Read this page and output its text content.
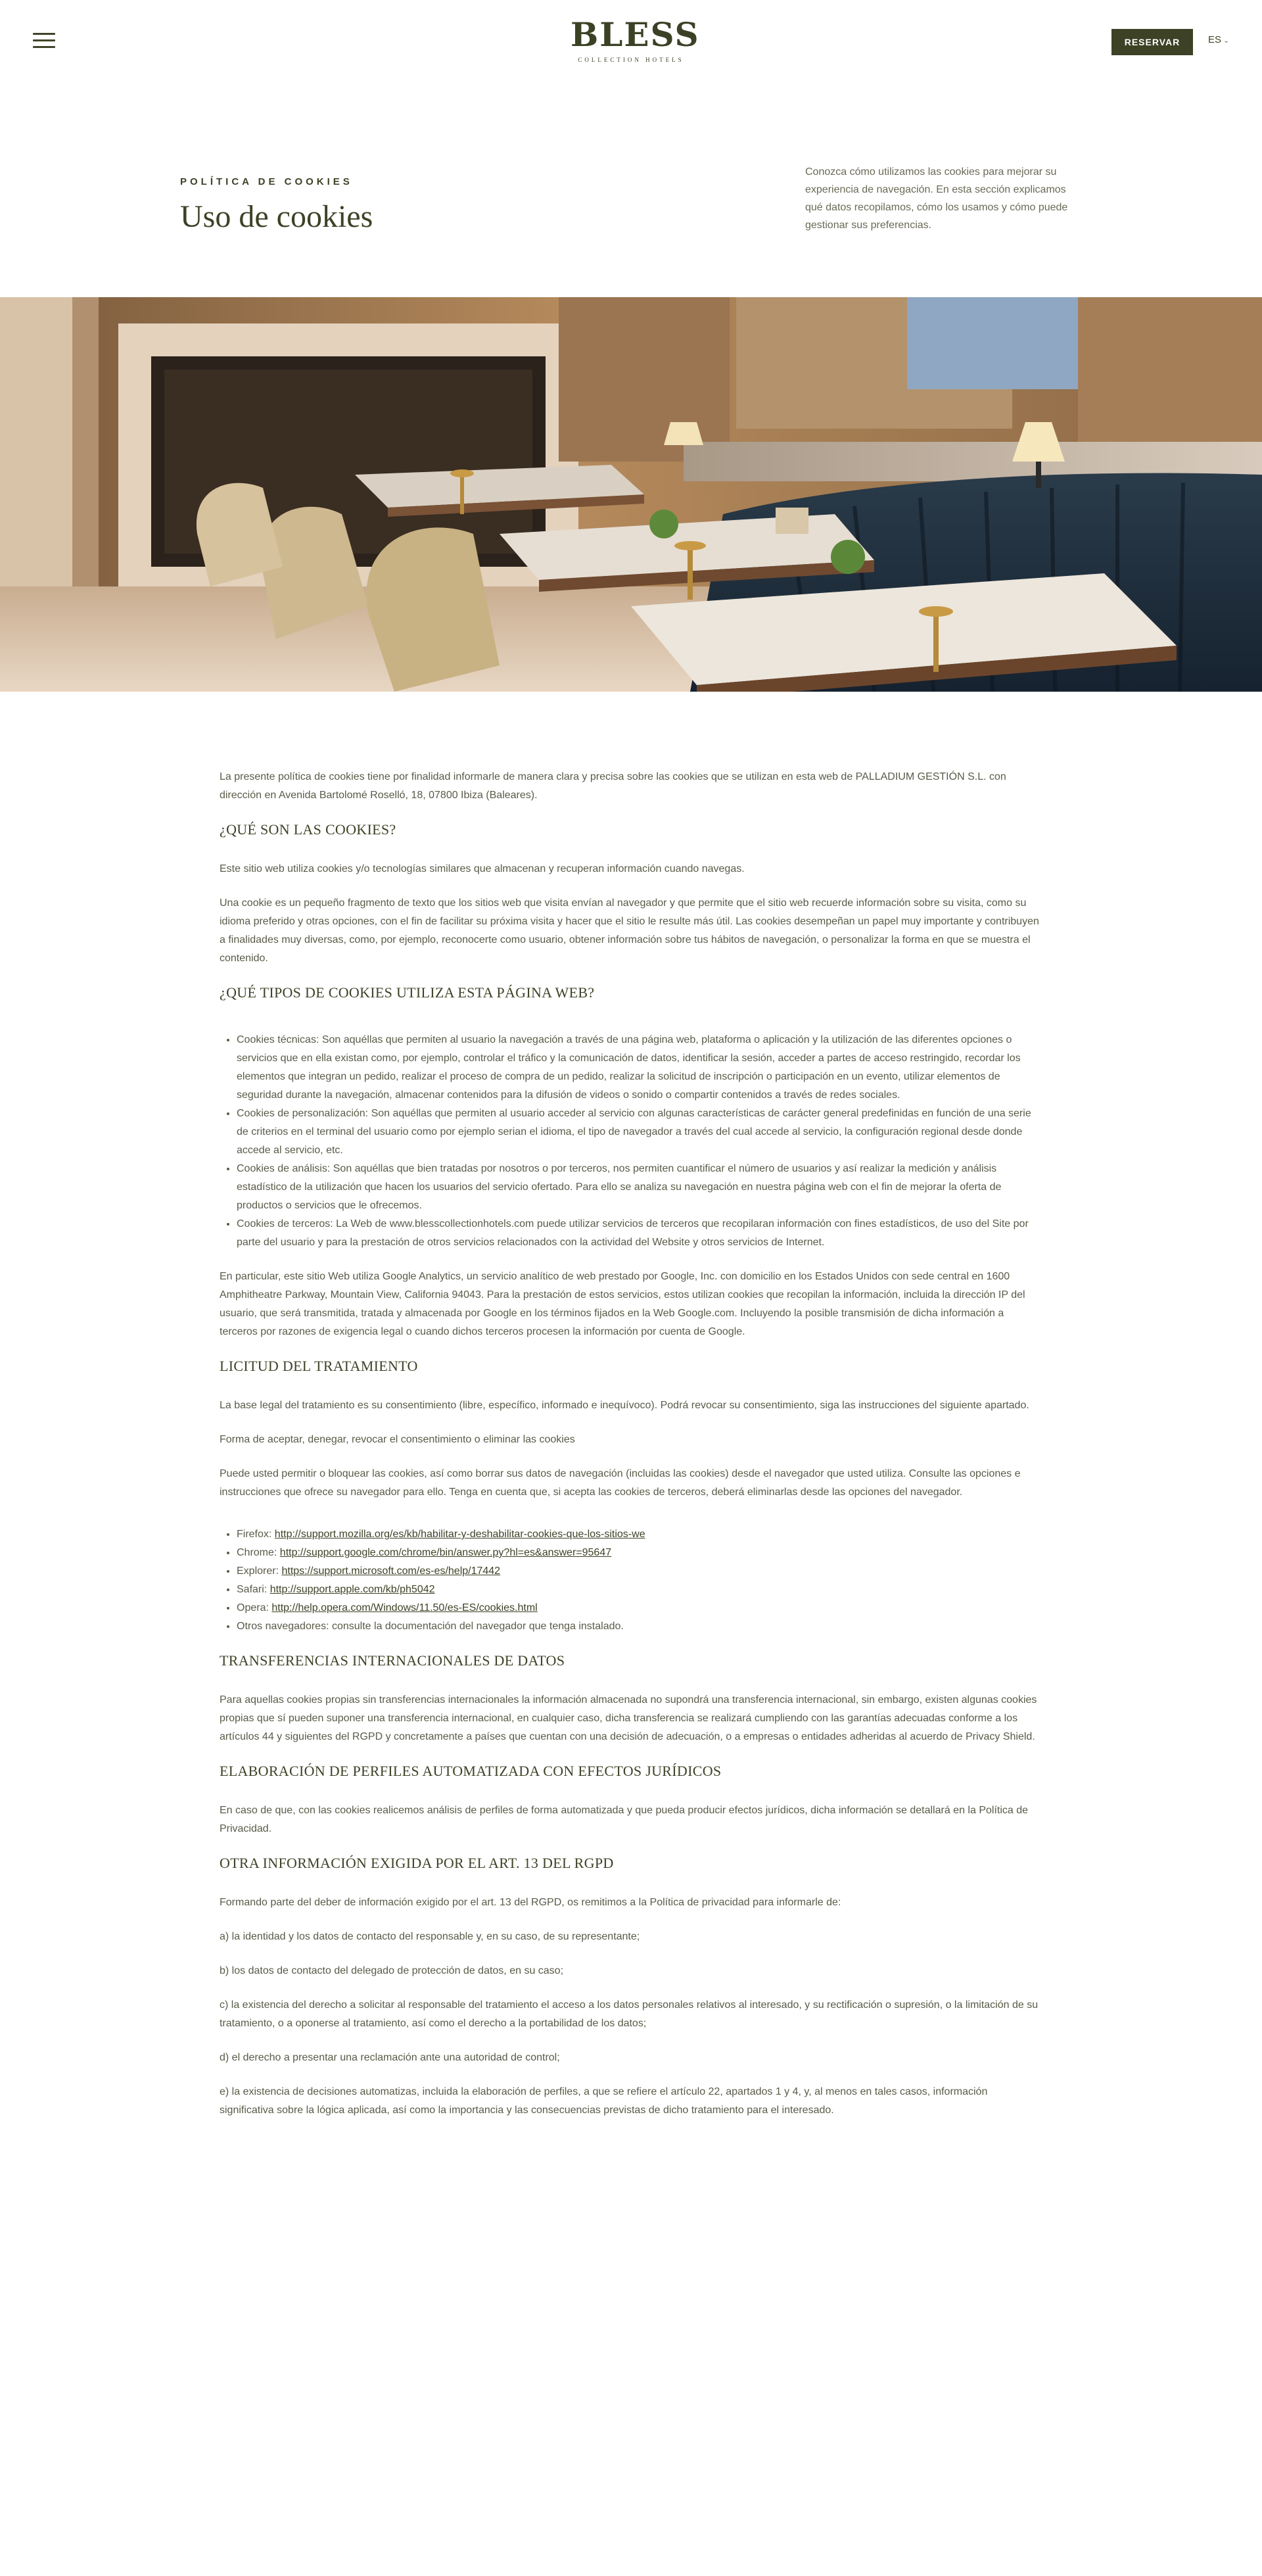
BLESS
COLLECTION HOTELS
RESERVAR	ES ⌄
POLÍTICA DE COOKIES
Uso de cookies

Conozca cómo utilizamos las cookies para mejorar su experiencia de navegación. En esta sección explicamos qué datos recopilamos, cómo los usamos y cómo puede gestionar sus preferencias.

La presente política de cookies tiene por finalidad informarle de manera clara y precisa sobre las cookies que se utilizan en esta web de PALLADIUM GESTIÓN S.L. con dirección en Avenida Bartolomé Roselló, 18, 07800 Ibiza (Baleares).

¿QUÉ SON LAS COOKIES?

Este sitio web utiliza cookies y/o tecnologías similares que almacenan y recuperan información cuando navegas.

Una cookie es un pequeño fragmento de texto que los sitios web que visita envían al navegador y que permite que el sitio web recuerde información sobre su visita, como su idioma preferido y otras opciones, con el fin de facilitar su próxima visita y hacer que el sitio le resulte más útil. Las cookies desempeñan un papel muy importante y contribuyen a finalidades muy diversas, como, por ejemplo, reconocerte como usuario, obtener información sobre tus hábitos de navegación, o personalizar la forma en que se muestra el contenido.

¿QUÉ TIPOS DE COOKIES UTILIZA ESTA PÁGINA WEB?
• Cookies técnicas: Son aquéllas que permiten al usuario la navegación a través de una página web, plataforma o aplicación y la utilización de las diferentes opciones o servicios que en ella existan como, por ejemplo, controlar el tráfico y la comunicación de datos, identificar la sesión, acceder a partes de acceso restringido, recordar los elementos que integran un pedido, realizar el proceso de compra de un pedido, realizar la solicitud de inscripción o participación en un evento, utilizar elementos de seguridad durante la navegación, almacenar contenidos para la difusión de videos o sonido o compartir contenidos a través de redes sociales.
• Cookies de personalización: Son aquéllas que permiten al usuario acceder al servicio con algunas características de carácter general predefinidas en función de una serie de criterios en el terminal del usuario como por ejemplo serian el idioma, el tipo de navegador a través del cual accede al servicio, la configuración regional desde donde accede al servicio, etc.
• Cookies de análisis: Son aquéllas que bien tratadas por nosotros o por terceros, nos permiten cuantificar el número de usuarios y así realizar la medición y análisis estadístico de la utilización que hacen los usuarios del servicio ofertado. Para ello se analiza su navegación en nuestra página web con el fin de mejorar la oferta de productos o servicios que le ofrecemos.
• Cookies de terceros: La Web de www.blesscollectionhotels.com puede utilizar servicios de terceros que recopilaran información con fines estadísticos, de uso del Site por parte del usuario y para la prestación de otros servicios relacionados con la actividad del Website y otros servicios de Internet.

En particular, este sitio Web utiliza Google Analytics, un servicio analítico de web prestado por Google, Inc. con domicilio en los Estados Unidos con sede central en 1600 Amphitheatre Parkway, Mountain View, California 94043. Para la prestación de estos servicios, estos utilizan cookies que recopilan la información, incluida la dirección IP del usuario, que será transmitida, tratada y almacenada por Google en los términos fijados en la Web Google.com. Incluyendo la posible transmisión de dicha información a terceros por razones de exigencia legal o cuando dichos terceros procesen la información por cuenta de Google.

LICITUD DEL TRATAMIENTO

La base legal del tratamiento es su consentimiento (libre, específico, informado e inequívoco). Podrá revocar su consentimiento, siga las instrucciones del siguiente apartado.

Forma de aceptar, denegar, revocar el consentimiento o eliminar las cookies

Puede usted permitir o bloquear las cookies, así como borrar sus datos de navegación (incluidas las cookies) desde el navegador que usted utiliza. Consulte las opciones e instrucciones que ofrece su navegador para ello. Tenga en cuenta que, si acepta las cookies de terceros, deberá eliminarlas desde las opciones del navegador.

• Firefox: http://support.mozilla.org/es/kb/habilitar-y-deshabilitar-cookies-que-los-sitios-we
• Chrome: http://support.google.com/chrome/bin/answer.py?hl=es&answer=95647
• Explorer: https://support.microsoft.com/es-es/help/17442
• Safari: http://support.apple.com/kb/ph5042
• Opera: http://help.opera.com/Windows/11.50/es-ES/cookies.html
• Otros navegadores: consulte la documentación del navegador que tenga instalado.
TRANSFERENCIAS INTERNACIONALES DE DATOS

Para aquellas cookies propias sin transferencias internacionales la información almacenada no supondrá una transferencia internacional, sin embargo, existen algunas cookies propias que sí pueden suponer una transferencia internacional, en cualquier caso, dicha transferencia se realizará cumpliendo con las garantías adecuadas conforme a los artículos 44 y siguientes del RGPD y concretamente a países que cuentan con una decisión de adecuación, o a empresas o entidades adheridas al acuerdo de Privacy Shield.

ELABORACIÓN DE PERFILES AUTOMATIZADA CON EFECTOS JURÍDICOS

En caso de que, con las cookies realicemos análisis de perfiles de forma automatizada y que pueda producir efectos jurídicos, dicha información se detallará en la Política de Privacidad.

OTRA INFORMACIÓN EXIGIDA POR EL ART. 13 DEL RGPD

Formando parte del deber de información exigido por el art. 13 del RGPD, os remitimos a la Política de privacidad para informarle de:

a) la identidad y los datos de contacto del responsable y, en su caso, de su representante;

b) los datos de contacto del delegado de protección de datos, en su caso;

c) la existencia del derecho a solicitar al responsable del tratamiento el acceso a los datos personales relativos al interesado, y su rectificación o supresión, o la limitación de su tratamiento, o a oponerse al tratamiento, así como el derecho a la portabilidad de los datos;

d) el derecho a presentar una reclamación ante una autoridad de control;

e) la existencia de decisiones automatizas, incluida la elaboración de perfiles, a que se refiere el artículo 22, apartados 1 y 4, y, al menos en tales casos, información significativa sobre la lógica aplicada, así como la importancia y las consecuencias previstas de dicho tratamiento para el interesado.
